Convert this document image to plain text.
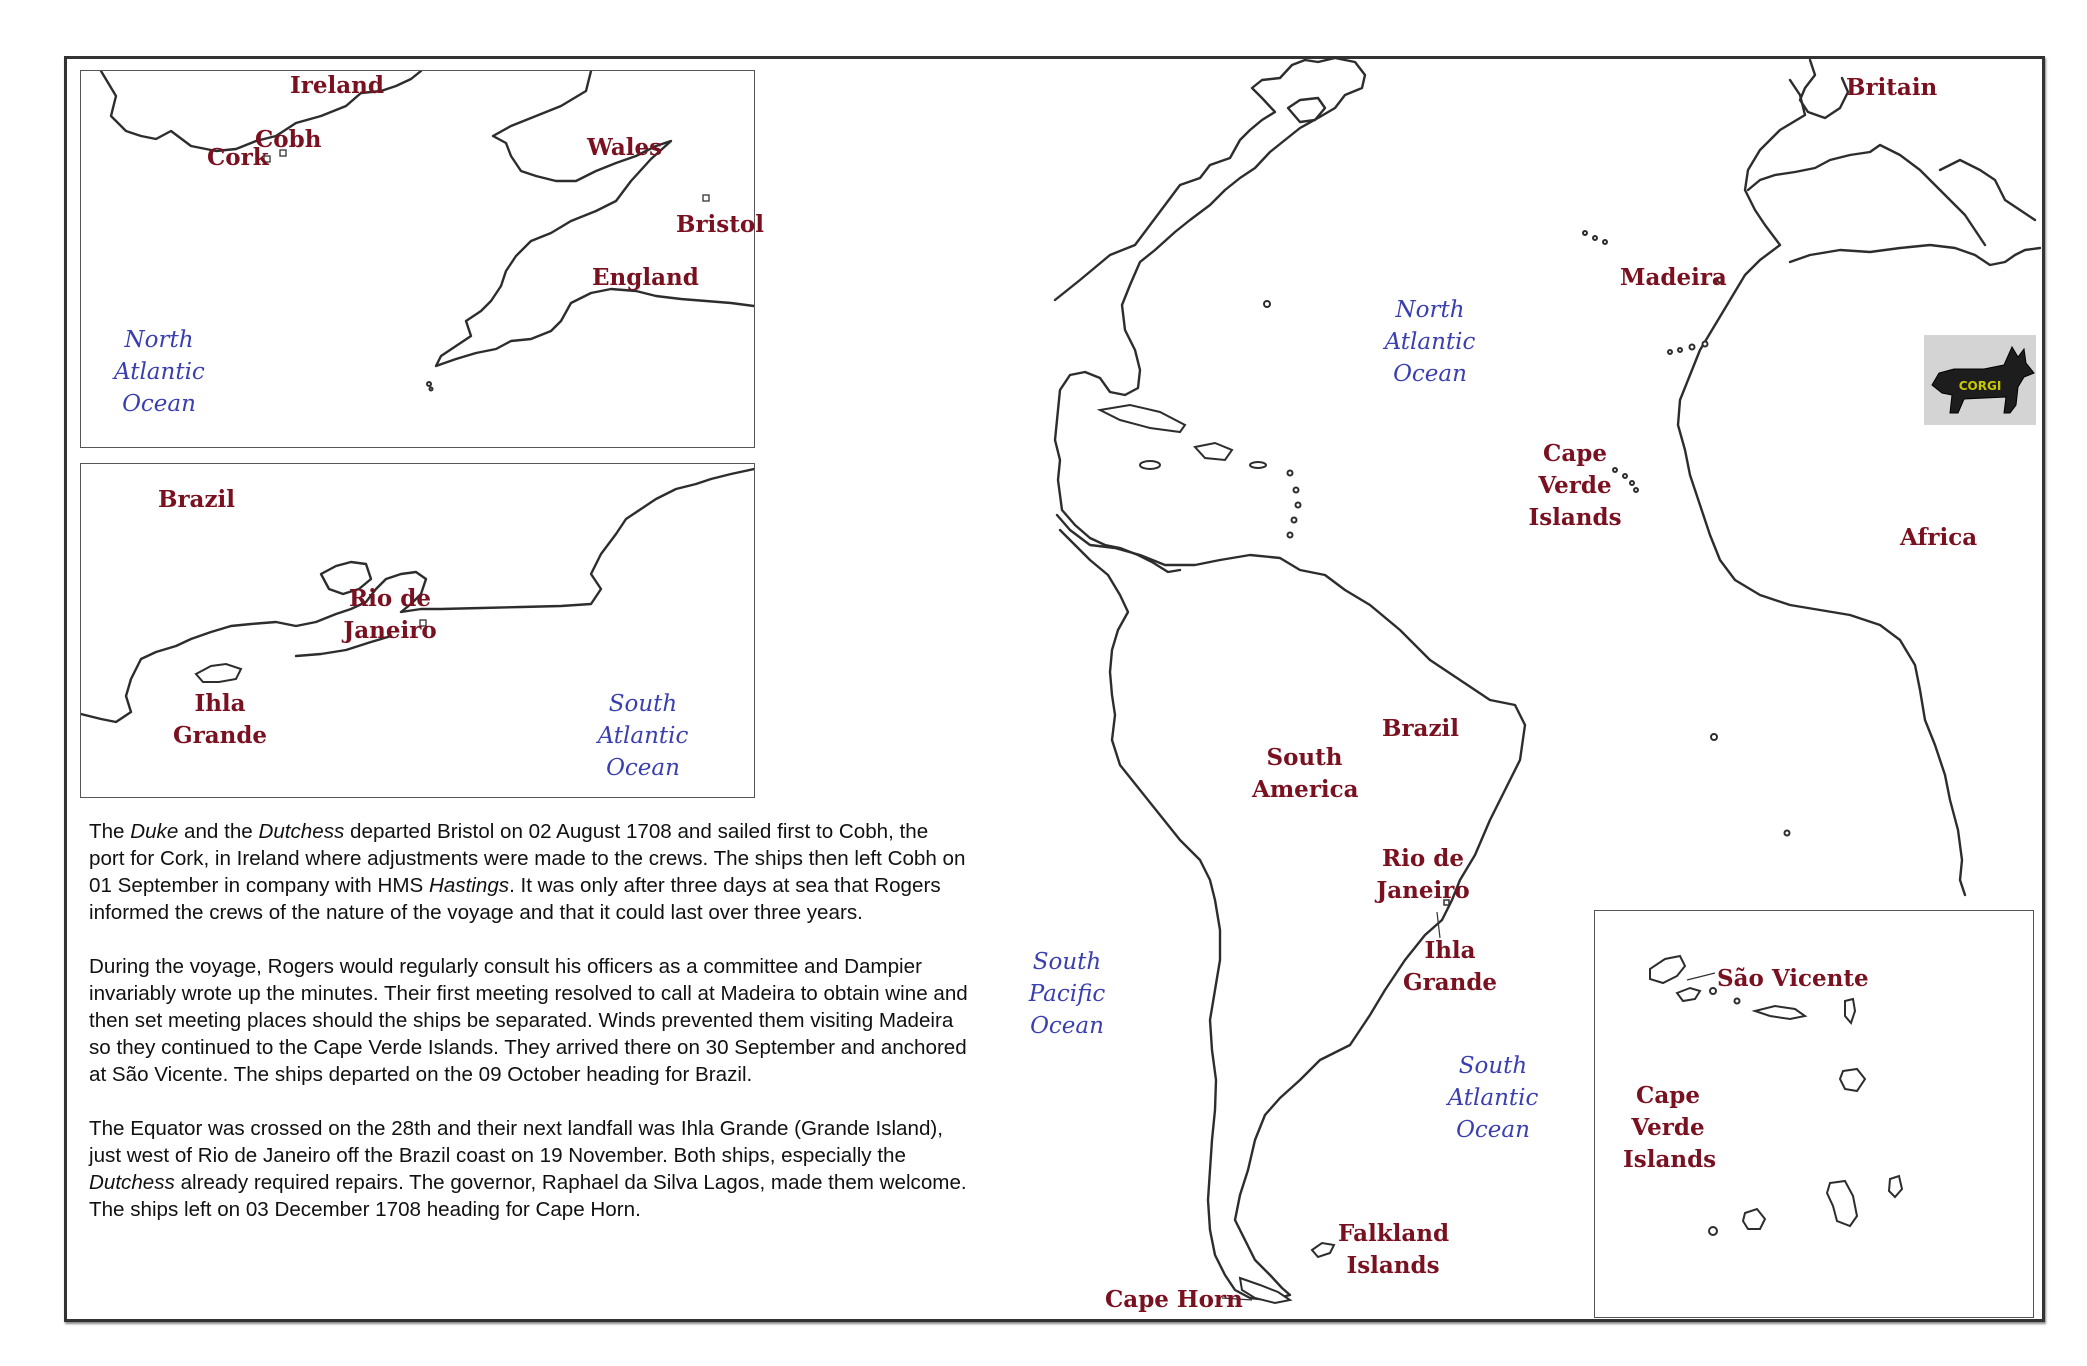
Ireland
Cobh
Cork	Wales
Bristol
England
North
Atlantic
Ocean
Brazil
Rio de
Janeiro
Ihla
Grande
South
Atlantic
Ocean
São Vicente
Cape
Verde
Islands
Britain
Madeira
Cape
Verde
Islands
Africa
Brazil
South
America
Rio de
Janeiro
Ihla
Grande
Falkland
Islands
Cape Horn
North
Atlantic
Ocean
South
Pacific
Ocean
South
Atlantic
Ocean
CORGI

The Duke and the Dutchess departed Bristol on 02 August 1708 and sailed first to Cobh, the port for Cork, in Ireland where adjustments were made to the crews. The ships then left Cobh on 01 September in company with HMS Hastings. It was only after three days at sea that Rogers informed the crews of the nature of the voyage and that it could last over three years.

During the voyage, Rogers would regularly consult his officers as a committee and Dampier invariably wrote up the minutes. Their first meeting resolved to call at Madeira to obtain wine and then set meeting places should the ships be separated. Winds prevented them visiting Madeira so they continued to the Cape Verde Islands. They arrived there on 30 September and anchored at São Vicente. The ships departed on the 09 October heading for Brazil.

The Equator was crossed on the 28th and their next landfall was Ihla Grande (Grande Island), just west of Rio de Janeiro off the Brazil coast on 19 November. Both ships, especially the Dutchess already required repairs. The governor, Raphael da Silva Lagos, made them welcome. The ships left on 03 December 1708 heading for Cape Horn.
